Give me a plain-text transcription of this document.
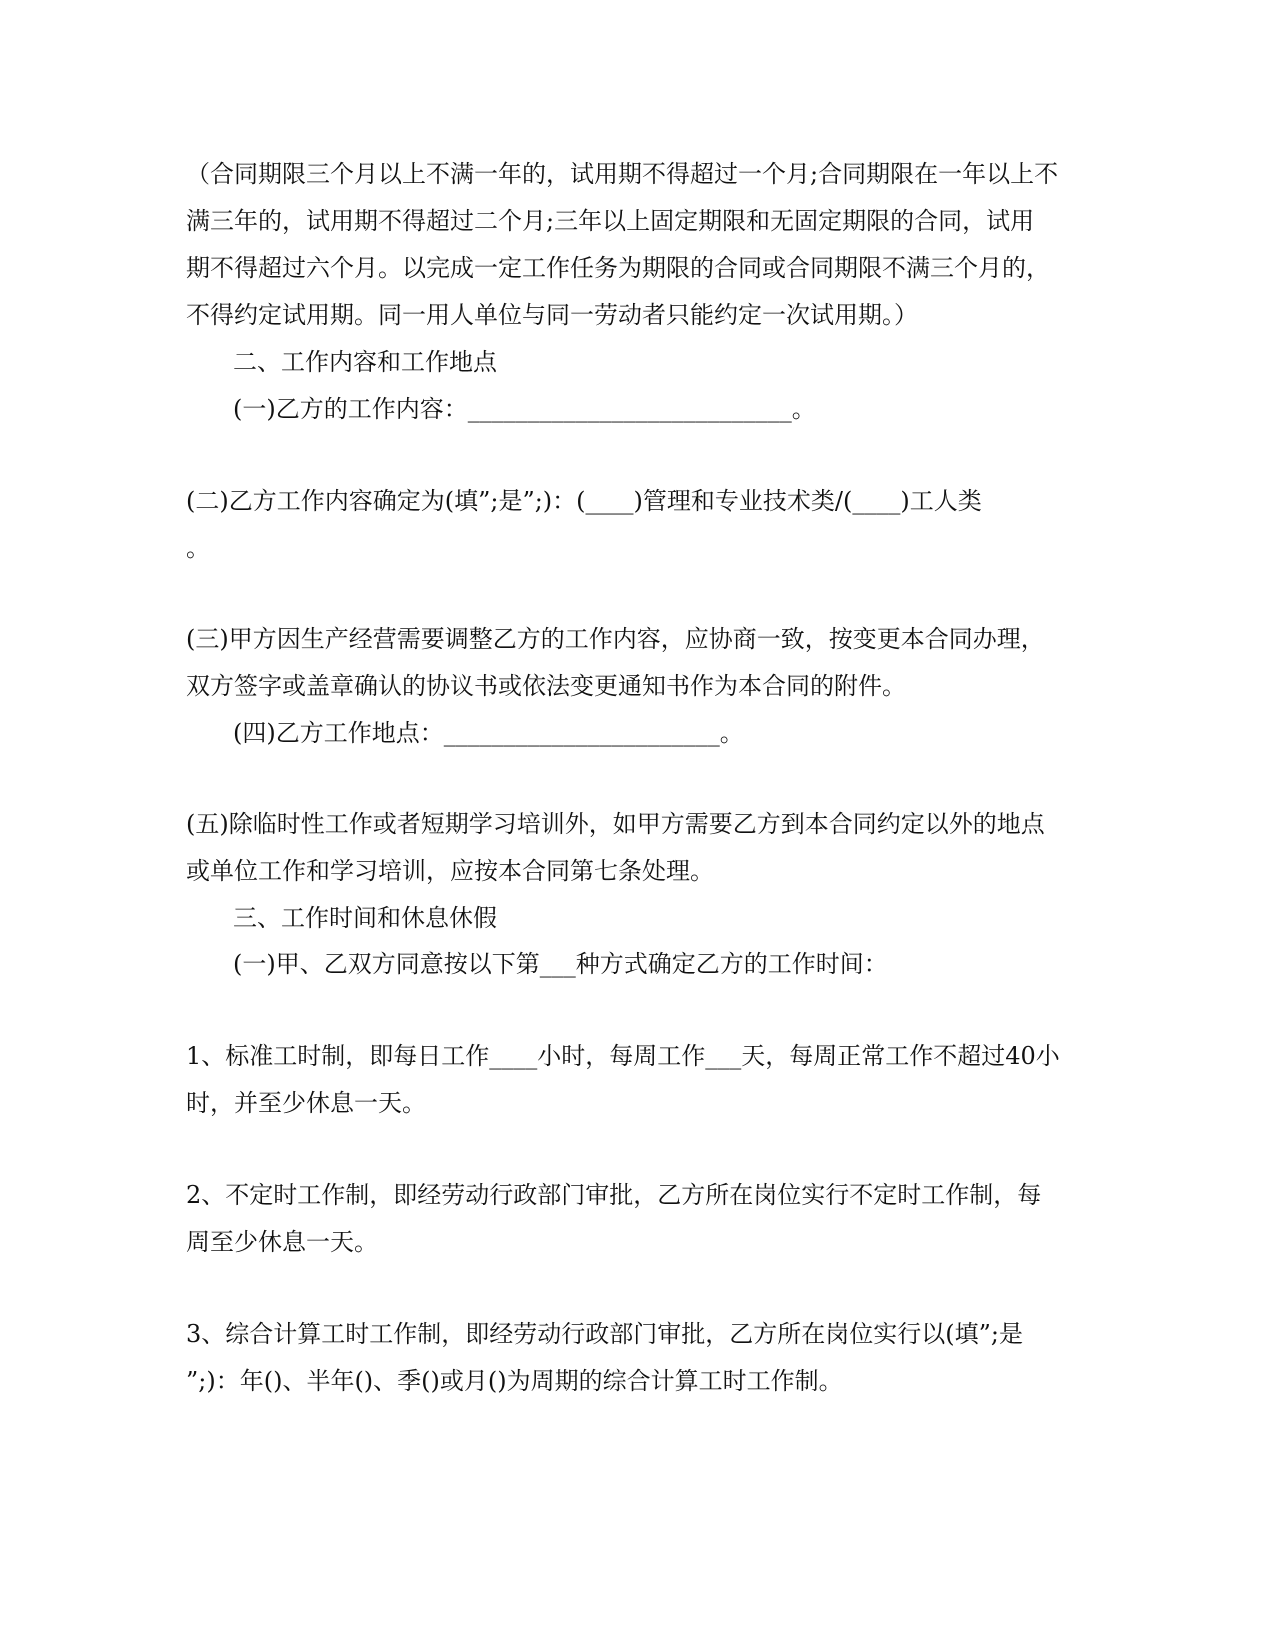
（合同期限三个月以上不满一年的，试用期不得超过一个月;合同期限在一年以上不
满三年的，试用期不得超过二个月;三年以上固定期限和无固定期限的合同，试用
期不得超过六个月。以完成一定工作任务为期限的合同或合同期限不满三个月的，
不得约定试用期。同一用人单位与同一劳动者只能约定一次试用期。）
二、工作内容和工作地点
(一)乙方的工作内容：___________________________。
(二)乙方工作内容确定为(填”;是”;)：(____)管理和专业技术类/(____)工人类
。
(三)甲方因生产经营需要调整乙方的工作内容，应协商一致，按变更本合同办理，
双方签字或盖章确认的协议书或依法变更通知书作为本合同的附件。
(四)乙方工作地点：_______________________。
(五)除临时性工作或者短期学习培训外，如甲方需要乙方到本合同约定以外的地点
或单位工作和学习培训，应按本合同第七条处理。
三、工作时间和休息休假
(一)甲、乙双方同意按以下第___种方式确定乙方的工作时间：
1、标准工时制，即每日工作____小时，每周工作___天，每周正常工作不超过40小
时，并至少休息一天。
2、不定时工作制，即经劳动行政部门审批，乙方所在岗位实行不定时工作制，每
周至少休息一天。
3、综合计算工时工作制，即经劳动行政部门审批，乙方所在岗位实行以(填”;是
”;)：年()、半年()、季()或月()为周期的综合计算工时工作制。
